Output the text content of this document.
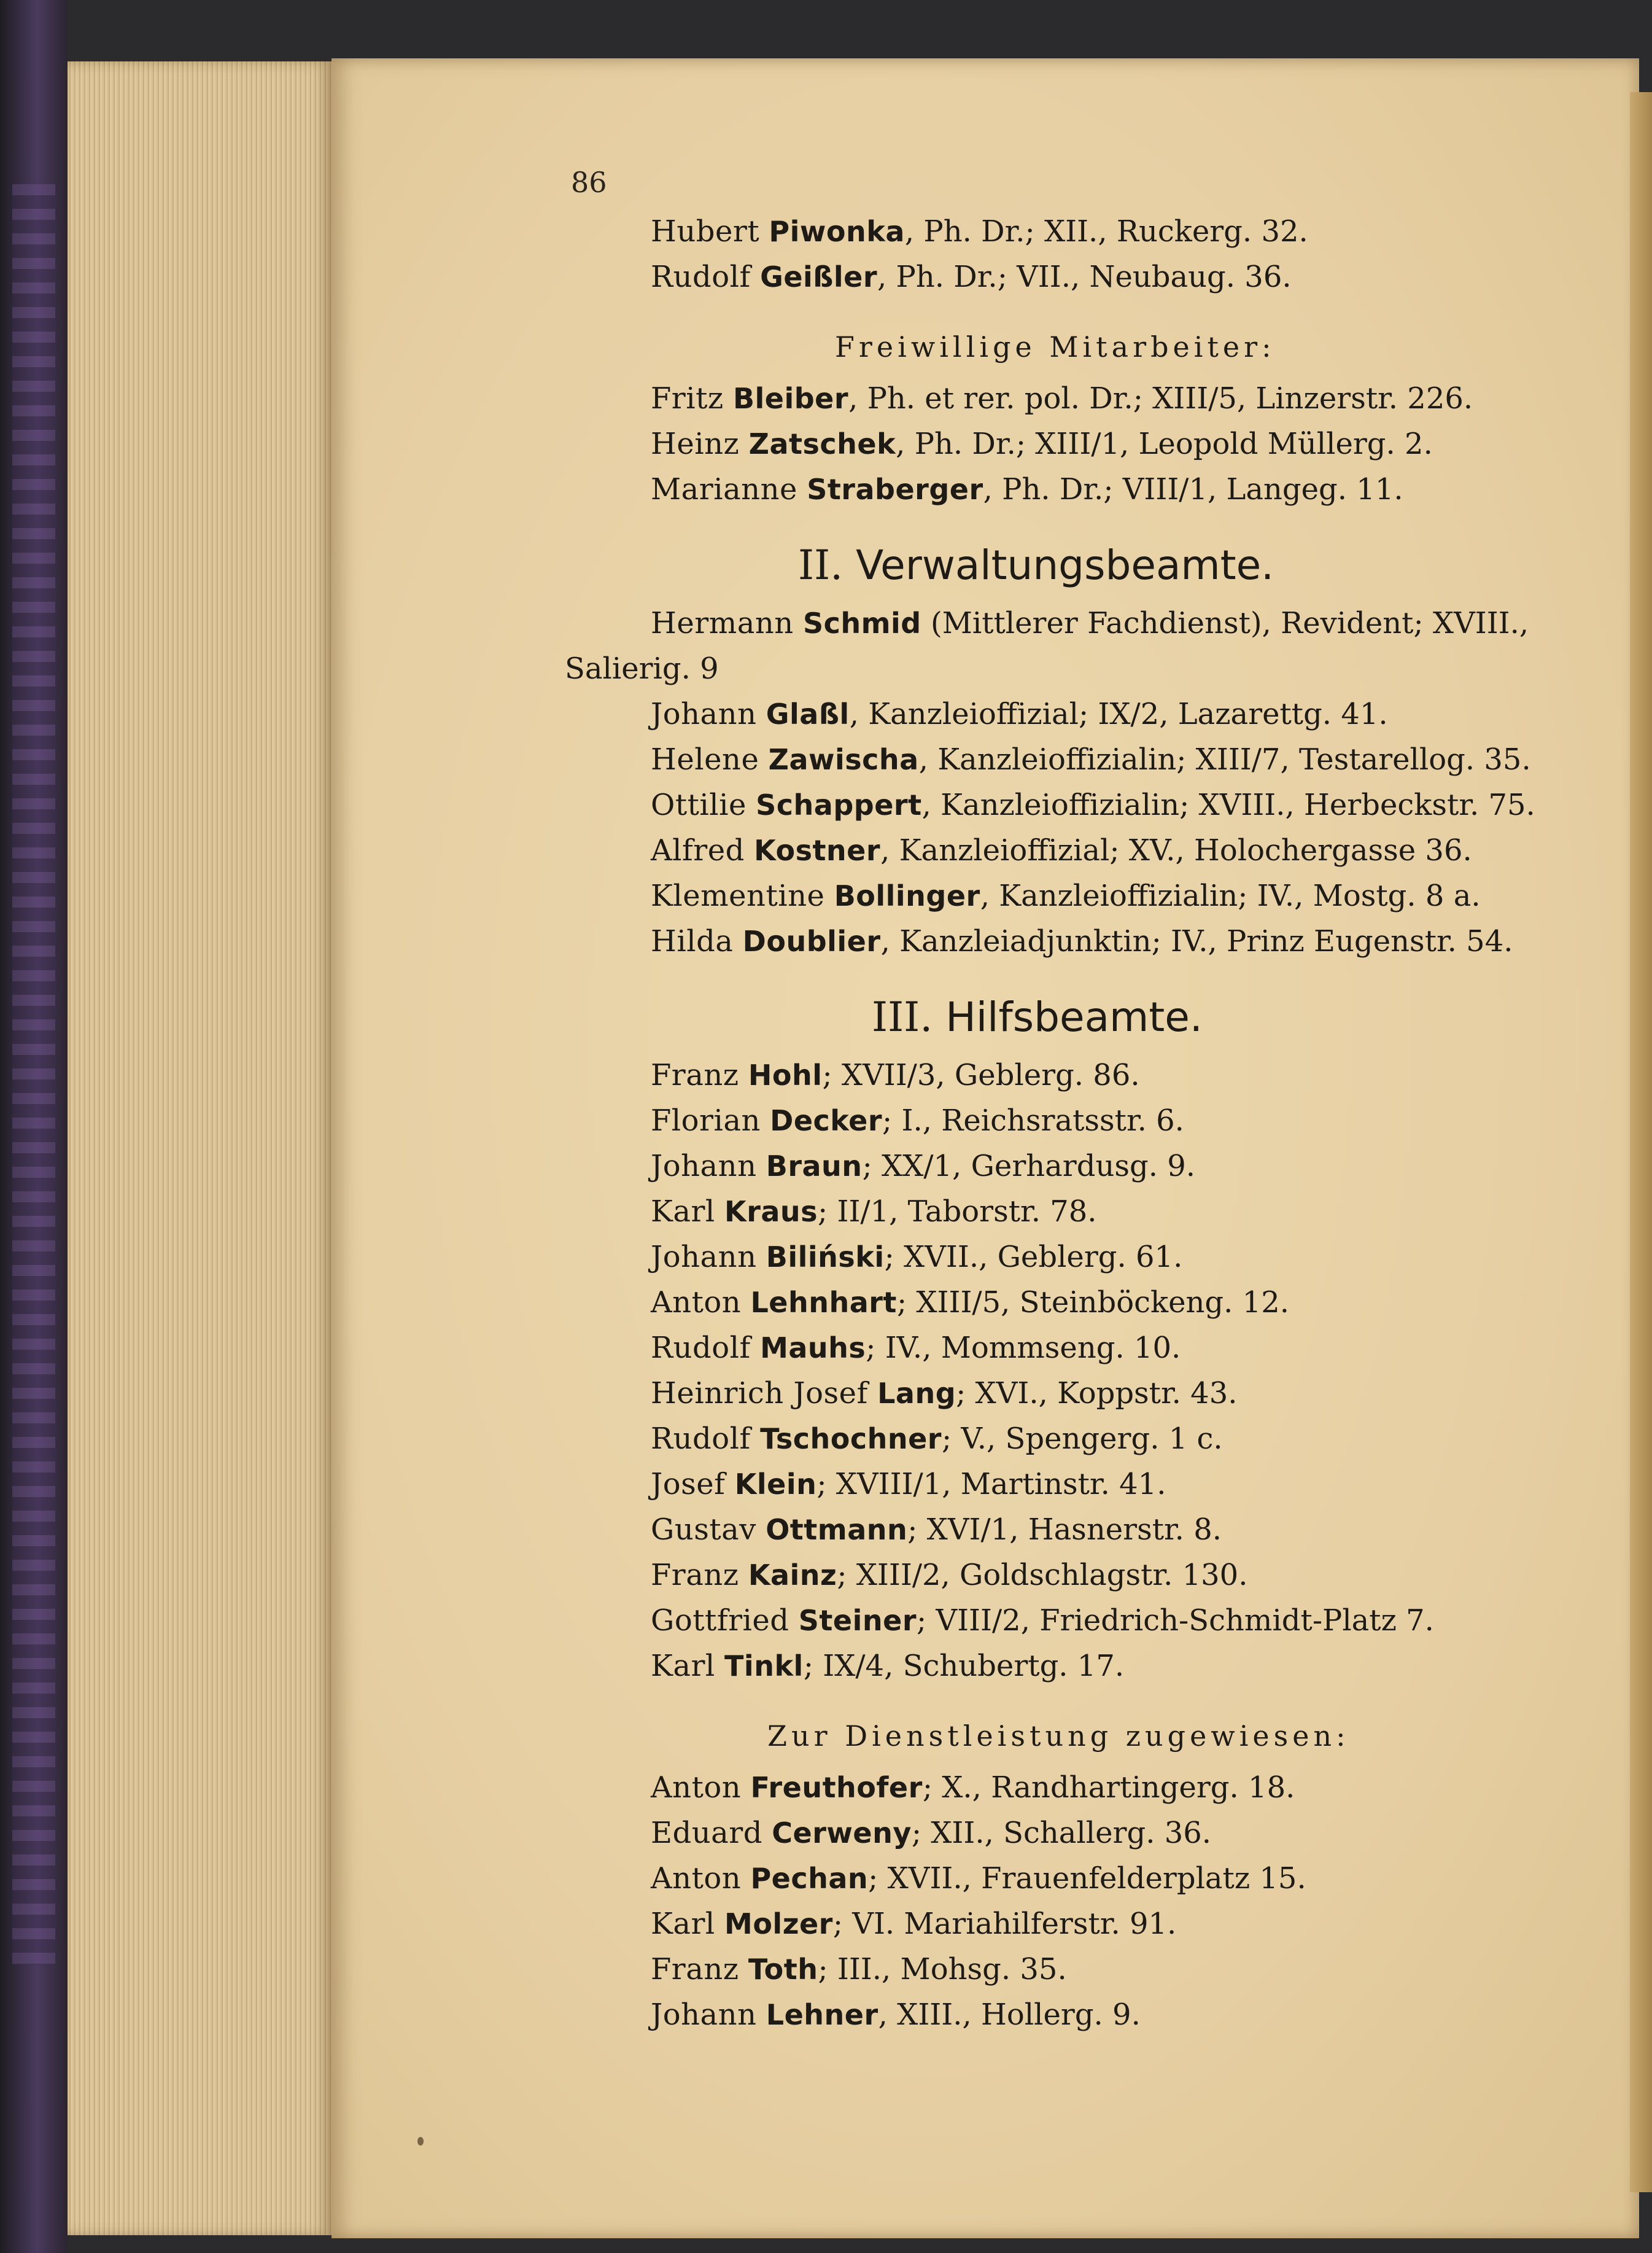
86
Hubert Piwonka, Ph. Dr.; XII., Ruckerg. 32.
Rudolf Geißler, Ph. Dr.; VII., Neubaug. 36.
Freiwillige Mitarbeiter:
Fritz Bleiber, Ph. et rer. pol. Dr.; XIII/5, Linzerstr. 226.
Heinz Zatschek, Ph. Dr.; XIII/1, Leopold Müllerg. 2.
Marianne Straberger, Ph. Dr.; VIII/1, Langeg. 11.
II. Verwaltungsbeamte.
Hermann Schmid (Mittlerer Fachdienst), Revident; XVIII.,
Salierig. 9
Johann Glaßl, Kanzleioffizial; IX/2, Lazarettg. 41.
Helene Zawischa, Kanzleioffizialin; XIII/7, Testarellog. 35.
Ottilie Schappert, Kanzleioffizialin; XVIII., Herbeckstr. 75.
Alfred Kostner, Kanzleioffizial; XV., Holochergasse 36.
Klementine Bollinger, Kanzleioffizialin; IV., Mostg. 8 a.
Hilda Doublier, Kanzleiadjunktin; IV., Prinz Eugenstr. 54.
III. Hilfsbeamte.
Franz Hohl; XVII/3, Geblerg. 86.
Florian Decker; I., Reichsratsstr. 6.
Johann Braun; XX/1, Gerhardusg. 9.
Karl Kraus; II/1, Taborstr. 78.
Johann Biliński; XVII., Geblerg. 61.
Anton Lehnhart; XIII/5, Steinböckeng. 12.
Rudolf Mauhs; IV., Mommseng. 10.
Heinrich Josef Lang; XVI., Koppstr. 43.
Rudolf Tschochner; V., Spengerg. 1 c.
Josef Klein; XVIII/1, Martinstr. 41.
Gustav Ottmann; XVI/1, Hasnerstr. 8.
Franz Kainz; XIII/2, Goldschlagstr. 130.
Gottfried Steiner; VIII/2, Friedrich-Schmidt-Platz 7.
Karl Tinkl; IX/4, Schubertg. 17.
Zur Dienstleistung zugewiesen:
Anton Freuthofer; X., Randhartingerg. 18.
Eduard Cerweny; XII., Schallerg. 36.
Anton Pechan; XVII., Frauenfelderplatz 15.
Karl Molzer; VI. Mariahilferstr. 91.
Franz Toth; III., Mohsg. 35.
Johann Lehner, XIII., Hollerg. 9.
